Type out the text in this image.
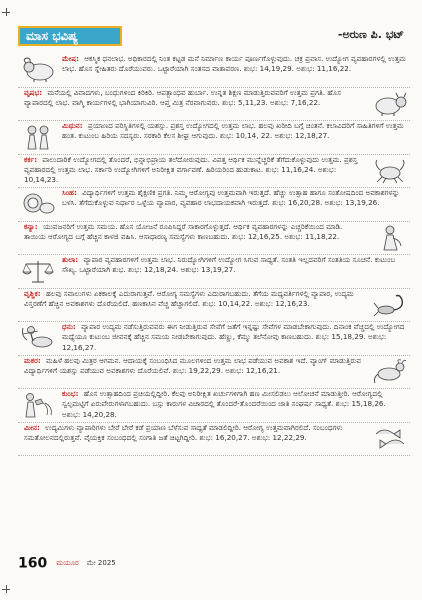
ಮಾಸ ಭವಿಷ್ಯ	-ಅರುಣ ಪಿ. ಭಟ್
ಮೇಷ: ಆಕಸ್ಮಿಕ ಧನಲಾಭ. ಅಧಿಕಾರದಲ್ಲಿ ನಿಂತ ಕಟ್ಟಡ ಮನೆ ನಿರ್ಮಾಣ ಕಾರ್ಯ ಪೂರ್ಣಗೊಳ್ಳುವುದು. ಚಕ್ರ ಪ್ರವಾಸ. ಉದ್ಯೋಗ ವ್ಯವಹಾರಗಳಲ್ಲಿ ಉತ್ತಮ ಲಾಭ. ಹೊಸ ಸ್ನೇಹಿತರು ದೊರೆಯುವರು. ಒಟ್ಟಾರೆಯಾಗಿ ಸಂತಸದ ವಾತಾವರಣ. ಶುಭ: 14,19,29. ಅಶುಭ: 11,16,22.
ವೃಷಭ: ಮನೆಯಲ್ಲಿ ವಿವಾದಗಳು, ಬಂಧುಗಳಿಂದ ಕಿರಿಕಿರಿ. ಆಪತ್ಬಾಂಧವ ಹುರ್ಬಾ. ಉನ್ನತ ಶಿಕ್ಷಣ ಮಾಡುತ್ತಿರುವವರಿಗೆ ಉತ್ತಮ ಪ್ರಗತಿ. ಹೊಸ ವ್ಯಾಪಾರದಲ್ಲಿ ಲಾಭ. ವಾಗ್ಮಿ ಕಾರ್ಯಗಳಲ್ಲಿ ಭಾಗಿಯಾಗುವಿರಿ. ಆಪ್ತ ಮಿತ್ರ ನೆರವಾಗುವರು. ಶುಭ: 5,11,23. ಅಶುಭ: 7,16,22.
ಮಿಥುನ: ಪ್ರಯಾಣದ ಪರಿಸ್ಥಿತಿಗಳಲ್ಲಿ ಯಶಸ್ಸು. ಪ್ರಶಸ್ತ ಉದ್ಯೋಗದಲ್ಲಿ ಉತ್ತಮ ಲಾಭ. ಹಲವು ಖರೀದಿ ಬಗ್ಗೆ ಚಿಂತನೆ. ಕಲಾವಿದರಿಗೆ ಸಾಹಿತಿಗಳಿಗೆ ಉತ್ತಮ ಹಂತ. ಕುಟುಂಬ ಹಿರಿಯ ಸದಸ್ಯರು. ಸರಕಾರಿ ಕೆಲಸ ಶೀಘ್ರ ಆಗುವುದು. ಶುಭ: 10,14, 22. ಅಶುಭ: 12,18,27.
ಕರ್ಕ: ಪಾಲುದಾರಿಕೆ ಉದ್ಯೋಗದಲ್ಲಿ ತೊಂದರೆ, ಭಿನ್ನಾಭಿಪ್ರಾಯ ತಲೆದೋರುವುದು. ವಿಪತ್ತ ಆರ್ಥಿಕ ಮುನ್ನೆಚ್ಚರಿಕೆ ತೆಗೆದುಕೊಳ್ಳುವುದು ಉತ್ತಮ. ಪ್ರಶಸ್ತ ವ್ಯವಹಾರದಲ್ಲಿ ಉತ್ತಮ ಲಾಭ. ಸರ್ಕಾರಿ ಉದ್ಯೋಗಿಗಳಿಗೆ ಅನಿರೀಕ್ಷಿತ ವರ್ಗಾವಣೆ. ಹಿರಿಯರಿಂದ ಹುಡುಕಾಟ. ಶುಭ: 11,16,24. ಅಶುಭ: 10,14,23.
ಸಿಂಹ: ವಿದ್ಯಾರ್ಥಿಗಳಿಗೆ ಉತ್ತಮ ಶೈಕ್ಷಣಿಕ ಪ್ರಗತಿ. ನಿಮ್ಮ ಆರೋಗ್ಯವು ಉತ್ತಮವಾಗಿ ಇರುತ್ತದೆ. ಹೆಚ್ಚು ಉತ್ಸಾಹ ಹಾಗೂ ಸಂತೋಷದಿಂದ ಅವಕಾಶಗಳನ್ನು ಬಳಸಿ. ತೆಗೆದುಕೊಳ್ಳುವ ನಿರ್ಧಾರ ಒಳ್ಳೆಯ ವ್ಯಾಪಾರ, ವ್ಯವಹಾರ ಲಾಭದಾಯಕವಾಗಿ ಇರುತ್ತದೆ. ಶುಭ: 16,20,28. ಅಶುಭ: 13,19,26.
ಕನ್ಯಾ: ಯುವಜನರಿಗೆ ಉತ್ತಮ ಸಮಯ. ಹೊಸ ಯೋಜನೆ ರೂಪಿಸಿದ್ದರೆ ಸಾಕಾರಗೊಳ್ಳುತ್ತದೆ. ಆರ್ಥಿಕ ವ್ಯವಹಾರಗಳನ್ನು ಎಚ್ಚರಿಕೆಯಿಂದ ಮಾಡಿ. ತಾಯಿಯ ಆರೋಗ್ಯದ ಬಗ್ಗೆ ಹೆಚ್ಚಿನ ಕಾಳಜಿ ವಹಿಸಿ. ಆಸಾಧಾರಣ್ಯ ಸಮಸ್ಯೆಗಳು ಕಾಣಬಹುದು. ಶುಭ: 12,16,25. ಅಶುಭ: 11,18,22.
ತುಲಾ: ವ್ಯಾಪಾರ ವ್ಯವಹಾರಗಳಿಗೆ ಉತ್ತಮ ಲಾಭ. ನಿರುದ್ಯೋಗಿಗಳಿಗೆ ಉದ್ಯೋಗ ಸಿಗುವ ಸಾಧ್ಯತೆ. ಸಂತತಿ ಇಲ್ಲದವರಿಗೆ ಸಂತತಿಯ ಸೂಚನೆ. ಕುಟುಂಬ ಸೌಖ್ಯ. ಒಟ್ಟಾರೆಯಾಗಿ ಶುಭ. ಶುಭ: 12,18,24. ಅಶುಭ: 13,19,27.
ವೃಶ್ಚಿಕ: ಹಲವು ಸವಾಲುಗಳು ಏಕಕಾಲಕ್ಕೆ ಎದುರಾಗುತ್ತವೆ. ಆರೋಗ್ಯ ಸಮಸ್ಯೆಗಳು ಎದುರಾಗಬಹುದು. ತೆಗೆಯ ಮಧ್ಯವರ್ತಿಗಳಲ್ಲಿ ವ್ಯಾಪಾರ, ಉದ್ಯಮ ವಿಸ್ತರಣೆಗೆ ಹೆಚ್ಚಿನ ಅವಕಾಶಗಳು ದೊರೆಯಲಿದೆ. ಹಣಕಾಸಿನ ವೆಚ್ಚ ಹೆಚ್ಚಾಗಲಿದೆ. ಶುಭ: 10,14,22. ಅಶುಭ: 12,16,23.
ಧನು: ವ್ಯಾಪಾರ ಉದ್ಯಮ ನಡೆಸುತ್ತಿರುವವರು ಈಗ ನೀಡುತ್ತಿರುವ ಸೇವೆಗೆ ಜತೆಗೆ ಇನ್ನಷ್ಟು ಸೇವೆಗಳ ಮಾಡಬೇಕಾಗುವುದು. ದಿನಾಂಕ ವೆಚ್ಚದಲ್ಲಿ ಉದ್ಯೋಗದ ಮಧ್ಯೆಯೂ ಕುಟುಂಬ ಜೀವನಕ್ಕೆ ಹೆಚ್ಚಿನ ಸಮಯ ನೀಡಬೇಕಾಗುವುದು. ಹೆಣ್ಣು, ಕೆಮ್ಮು ತಲೆನೋವು ಕಾಣಬಹುದು. ಶುಭ: 15,18,29. ಅಶುಭ: 12,16,27.
ಮಕರ: ಮಹಿಳೆ ಹಲವು ಮಿತ್ರರ ಆಗಮನ. ಆದಾಯಕ್ಕೆ ಸಂಬಂಧಿಸಿದ ಮೂಲಗಳಿಂದ ಉತ್ತಮ ಲಾಭ ಪಡೆಯುವ ಅವಕಾಶ ಇದೆ. ವ್ಯಾಂಗ್ ಮಾಡುತ್ತಿರುವ ವಿದ್ಯಾರ್ಥಿಗಳಿಗೆ ಯಶಸ್ಸು ಪಡೆಯುವ ಅವಕಾಶಗಳು ದೊರೆಯಲಿವೆ. ಶುಭ: 19,22,29. ಅಶುಭ: 12,16,21.
ಕುಂಭ: ಹೊಸ ಉತ್ಸಾಹದಿಂದ ಪ್ರಚಿಯಲ್ಲಿದ್ದೀರಿ. ಕೆಲವು ಅನಿರೀಕ್ಷಿತ ಖರ್ಚುಗಳಿಗಾಗಿ ಹಣ ಮೀಸಲಿಡಲು ಆಲೋಚನೆ ಮಾಡುತ್ತೀರಿ. ಆರೋಗ್ಯದಲ್ಲಿ ಸ್ವಲ್ಪಮಟ್ಟಿಗೆ ಏರುಪೇರುಗಳಾಗಬಹುದು. ಬಸ್ಸು ಕಾರುಗಳ ವಿಚಾರದಲ್ಲಿ ತೊಂದರೆ-ತೊಂದರೆಯಿಂದ ಜಾತಿ ಸಂಘರ್ಷ ಸಾಧ್ಯತೆ. ಶುಭ: 15,18,26. ಅಶುಭ: 14,20,28.
ಮೀನ: ಉದ್ಯಮಿಗಳು ವ್ಯಾಪಾರಿಗಳು ಬೇರೆ ಬೇರೆ ಕಡೆ ಪ್ರಯಾಣ ಬೆಳೆಸುವ ಸಾಧ್ಯತೆ ಮಾಡಲಿದ್ದೀರಿ. ಆರೋಗ್ಯ ಉತ್ತಮವಾಗಿರಲಿದೆ. ಸಂಬಂಧಗಳು ಸಮತೋಲನದಲ್ಲಿರುತ್ತವೆ. ವೈಯಕ್ತಿಕ ಸಂಬಂಧದಲ್ಲಿ ಸಂಗಾತಿ ಜತೆ ಚಿಟ್ಟಗಿದ್ದೀರಿ. ಶುಭ: 16,20,27. ಅಶುಭ: 12,22,29.
160 ಮಯೂರ ಮೇ 2025
